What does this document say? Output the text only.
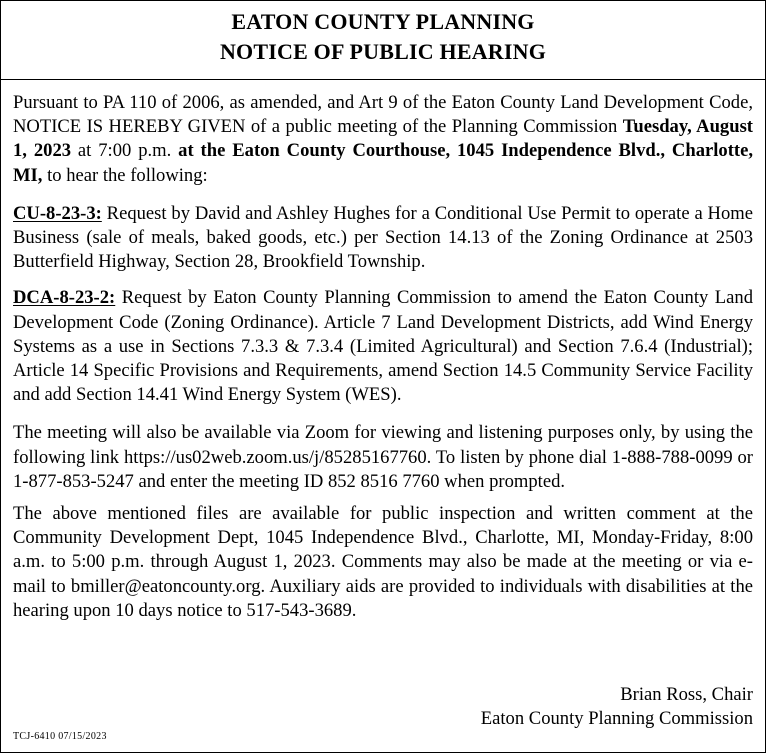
EATON COUNTY PLANNING
NOTICE OF PUBLIC HEARING

Pursuant to PA 110 of 2006, as amended, and Art 9 of the Eaton County Land Development Code, NOTICE IS HEREBY GIVEN of a public meeting of the Planning Commission Tuesday, August 1, 2023 at 7:00 p.m. at the Eaton County Courthouse, 1045 Independence Blvd., Charlotte, MI, to hear the following:

CU-8-23-3: Request by David and Ashley Hughes for a Conditional Use Permit to operate a Home Business (sale of meals, baked goods, etc.) per Section 14.13 of the Zoning Ordinance at 2503 Butterfield Highway, Section 28, Brookfield Township.

DCA-8-23-2: Request by Eaton County Planning Commission to amend the Eaton County Land Development Code (Zoning Ordinance). Article 7 Land Development Districts, add Wind Energy Systems as a use in Sections 7.3.3 & 7.3.4 (Limited Agricultural) and Section 7.6.4 (Industrial); Article 14 Specific Provisions and Requirements, amend Section 14.5 Community Service Facility and add Section 14.41 Wind Energy System (WES).

The meeting will also be available via Zoom for viewing and listening purposes only, by using the following link https://us02web.zoom.us/j/85285167760. To listen by phone dial 1-888-788-0099 or 1-877-853-5247 and enter the meeting ID 852 8516 7760 when prompted.

The above mentioned files are available for public inspection and written comment at the Community Development Dept, 1045 Independence Blvd., Charlotte, MI, Monday-Friday, 8:00 a.m. to 5:00 p.m. through August 1, 2023. Comments may also be made at the meeting or via e-mail to bmiller@eatoncounty.org. Auxiliary aids are provided to individuals with disabilities at the hearing upon 10 days notice to 517-543-3689.

Brian Ross, Chair
Eaton County Planning Commission
TCJ-6410 07/15/2023
